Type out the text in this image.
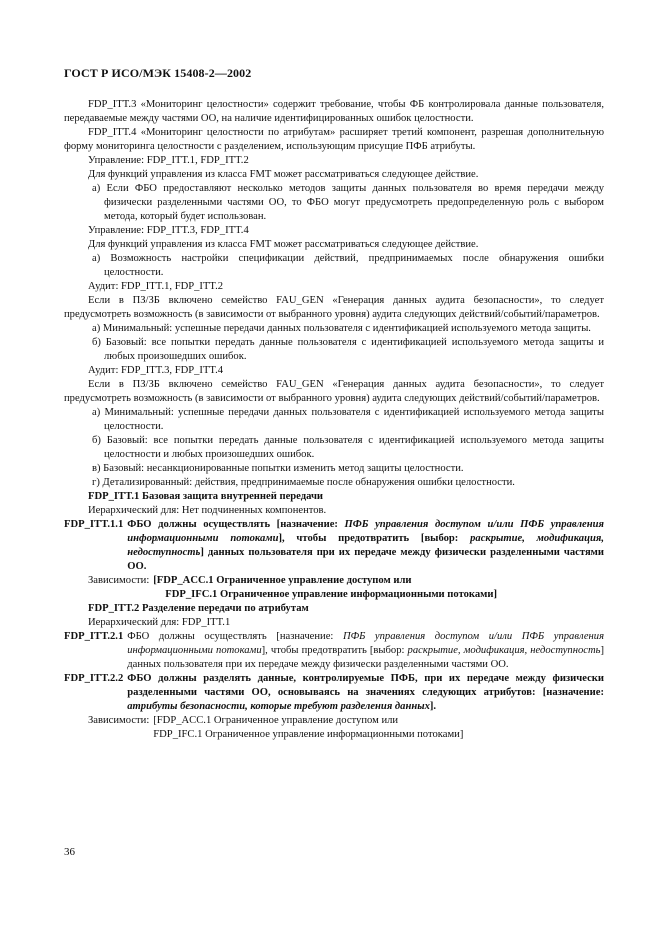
ГОСТ Р ИСО/МЭК 15408-2—2002

FDP_ITT.3 «Мониторинг целостности» содержит требование, чтобы ФБ контролировала данные пользователя, передаваемые между частями ОО, на наличие идентифицированных ошибок целостности.

FDP_ITT.4 «Мониторинг целостности по атрибутам» расширяет третий компонент, разрешая дополнительную форму мониторинга целостности с разделением, использующим присущие ПФБ атрибуты.

Управление: FDP_ITT.1, FDP_ITT.2

Для функций управления из класса FMT может рассматриваться следующее действие.

а) Если ФБО предоставляют несколько методов защиты данных пользователя во время передачи между физически разделенными частями ОО, то ФБО могут предусмотреть предопределенную роль с выбором метода, который будет использован.

Управление: FDP_ITT.3, FDP_ITT.4

Для функций управления из класса FMT может рассматриваться следующее действие.

а) Возможность настройки спецификации действий, предпринимаемых после обнаружения ошибки целостности.

Аудит: FDP_ITT.1, FDP_ITT.2

Если в ПЗ/ЗБ включено семейство FAU_GEN «Генерация данных аудита безопасности», то следует предусмотреть возможность (в зависимости от выбранного уровня) аудита следующих действий/событий/параметров.

а) Минимальный: успешные передачи данных пользователя с идентификацией используемого метода защиты.

б) Базовый: все попытки передать данные пользователя с идентификацией используемого метода защиты и любых произошедших ошибок.

Аудит: FDP_ITT.3, FDP_ITT.4

Если в ПЗ/ЗБ включено семейство FAU_GEN «Генерация данных аудита безопасности», то следует предусмотреть возможность (в зависимости от выбранного уровня) аудита следующих действий/событий/параметров.

а) Минимальный: успешные передачи данных пользователя с идентификацией используемого метода защиты целостности.

б) Базовый: все попытки передать данные пользователя с идентификацией используемого метода защиты целостности и любых произошедших ошибок.

в) Базовый: несанкционированные попытки изменить метод защиты целостности.

г) Детализированный: действия, предпринимаемые после обнаружения ошибки целостности.

FDP_ITT.1 Базовая защита внутренней передачи

Иерархический для: Нет подчиненных компонентов.

FDP_ITT.1.1 ФБО должны осуществлять [назначение: ПФБ управления доступом и/или ПФБ управления информационными потоками], чтобы предотвратить [выбор: раскрытие, модификация, недоступность] данных пользователя при их передаче между физически разделенными частями ОО.
Зависимости: [FDP_ACC.1 Ограниченное управление доступом или
FDP_IFC.1 Ограниченное управление информационными потоками]

FDP_ITT.2 Разделение передачи по атрибутам

Иерархический для: FDP_ITT.1

FDP_ITT.2.1 ФБО должны осуществлять [назначение: ПФБ управления доступом и/или ПФБ управления информационными потоками], чтобы предотвратить [выбор: раскрытие, модификация, недоступность] данных пользователя при их передаче между физически разделенными частями ОО.
FDP_ITT.2.2 ФБО должны разделять данные, контролируемые ПФБ, при их передаче между физически разделенными частями ОО, основываясь на значениях следующих атрибутов: [назначение: атрибуты безопасности, которые требуют разделения данных].
Зависимости: [FDP_ACC.1 Ограниченное управление доступом или
FDP_IFC.1 Ограниченное управление информационными потоками]
36
